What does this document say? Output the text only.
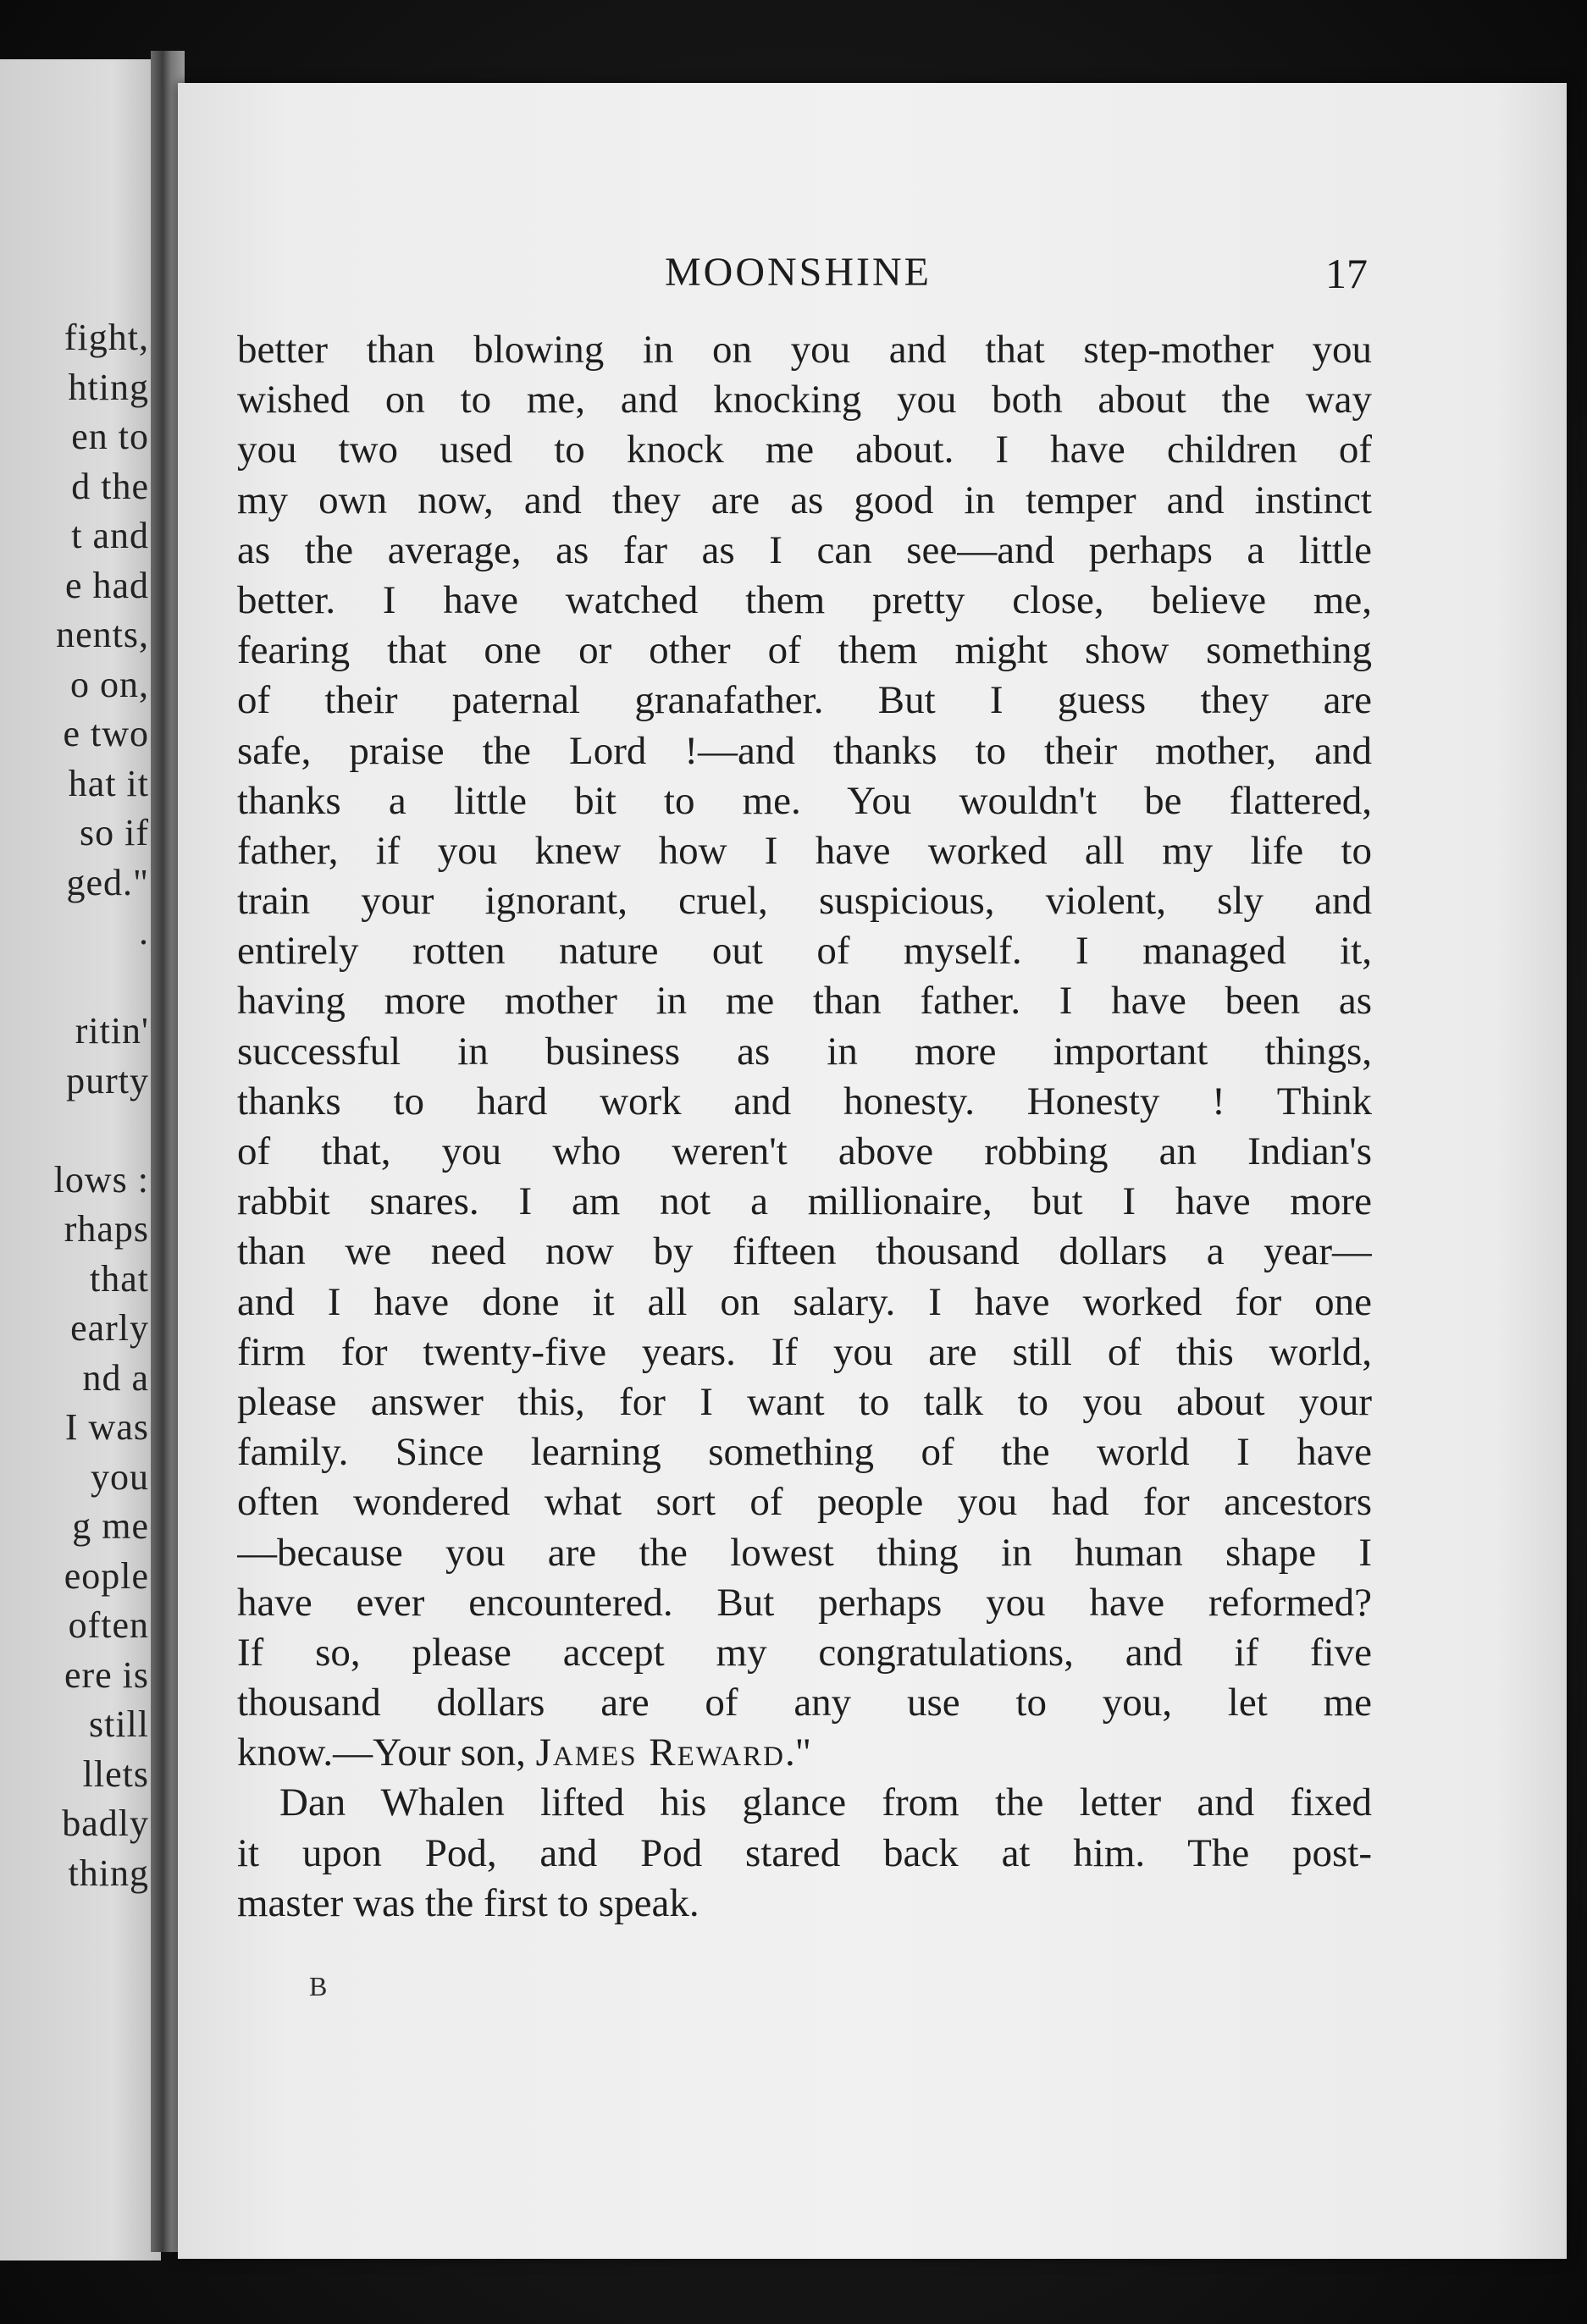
fight,
hting
en to
d the
t and
e had
nents,
o on,
e two
hat it
so if
ged."
.
ritin'
purty
lows :
rhaps
that
early
nd a
I was
you
g me
eople
often
ere is
still
llets
badly
thing
MOONSHINE	17
better than blowing in on you and that step-mother you
wished on to me, and knocking you both about the way
you two used to knock me about. I have children of
my own now, and they are as good in temper and instinct
as the average, as far as I can see—and perhaps a little
better. I have watched them pretty close, believe me,
fearing that one or other of them might show something
of their paternal granafather. But I guess they are
safe, praise the Lord !—and thanks to their mother, and
thanks a little bit to me. You wouldn't be flattered,
father, if you knew how I have worked all my life to
train your ignorant, cruel, suspicious, violent, sly and
entirely rotten nature out of myself. I managed it,
having more mother in me than father. I have been as
successful in business as in more important things,
thanks to hard work and honesty. Honesty ! Think
of that, you who weren't above robbing an Indian's
rabbit snares. I am not a millionaire, but I have more
than we need now by fifteen thousand dollars a year—
and I have done it all on salary. I have worked for one
firm for twenty-five years. If you are still of this world,
please answer this, for I want to talk to you about your
family. Since learning something of the world I have
often wondered what sort of people you had for ancestors
—because you are the lowest thing in human shape I
have ever encountered. But perhaps you have reformed?
If so, please accept my congratulations, and if five
thousand dollars are of any use to you, let me
know.—Your son, James Reward."
Dan Whalen lifted his glance from the letter and fixed
it upon Pod, and Pod stared back at him. The post-
master was the first to speak.
B
